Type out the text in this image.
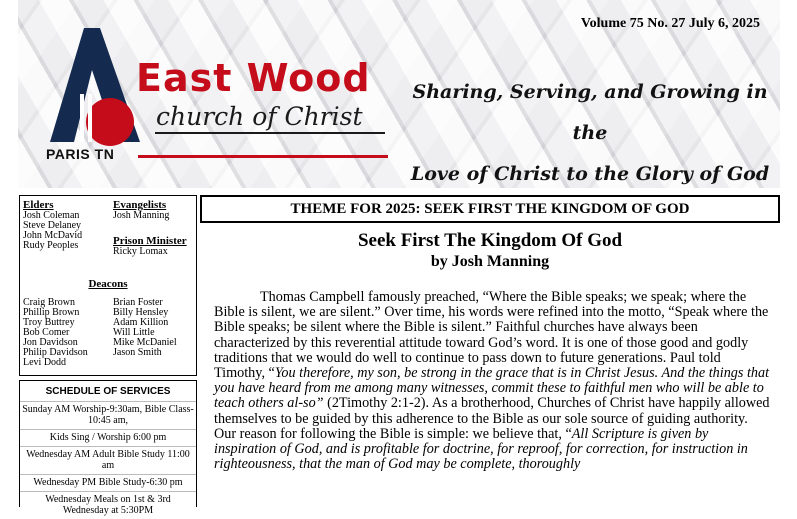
Volume 75 No. 27 July 6, 2025
East Wood
church of Christ
PARIS TN
Sharing, Serving, and Growing in the
Love of Christ to the Glory of God
Elders
Josh Coleman
Steve Delaney
John McDavid
Rudy Peoples
Evangelists
Josh Manning
Prison Minister
Ricky Lomax
Deacons
Craig Brown
Phillip Brown
Troy Buttrey
Bob Comer
Jon Davidson
Philip Davidson
Levi Dodd
Brian Foster
Billy Hensley
Adam Killion
Will Little
Mike McDaniel
Jason Smith
SCHEDULE OF SERVICES
Sunday AM Worship-9:30am, Bible Class-10:45 am,
Kids Sing / Worship 6:00 pm
Wednesday AM Adult Bible Study 11:00 am
Wednesday PM Bible Study-6:30 pm
Wednesday Meals on 1st & 3rd Wednesday at 5:30PM
THEME FOR 2025: SEEK FIRST THE KINGDOM OF GOD
Seek First The Kingdom Of God
by Josh Manning

Thomas Campbell famously preached, “Where the Bible speaks; we speak; where the Bible is silent, we are silent.” Over time, his words were refined into the motto, “Speak where the Bible speaks; be silent where the Bible is silent.” Faithful churches have always been characterized by this reverential attitude toward God’s word. It is one of those good and godly traditions that we would do well to continue to pass down to future generations. Paul told Timothy, “You therefore, my son, be strong in the grace that is in Christ Jesus. And the things that you have heard from me among many witnesses, commit these to faithful men who will be able to teach others al-so” (2Timothy 2:1-2). As a brotherhood, Churches of Christ have happily allowed themselves to be guided by this adherence to the Bible as our sole source of guiding authority. Our reason for following the Bible is simple: we believe that, “All Scripture is given by inspiration of God, and is profitable for doctrine, for reproof, for correction, for instruction in righteousness, that the man of God may be complete, thoroughly
